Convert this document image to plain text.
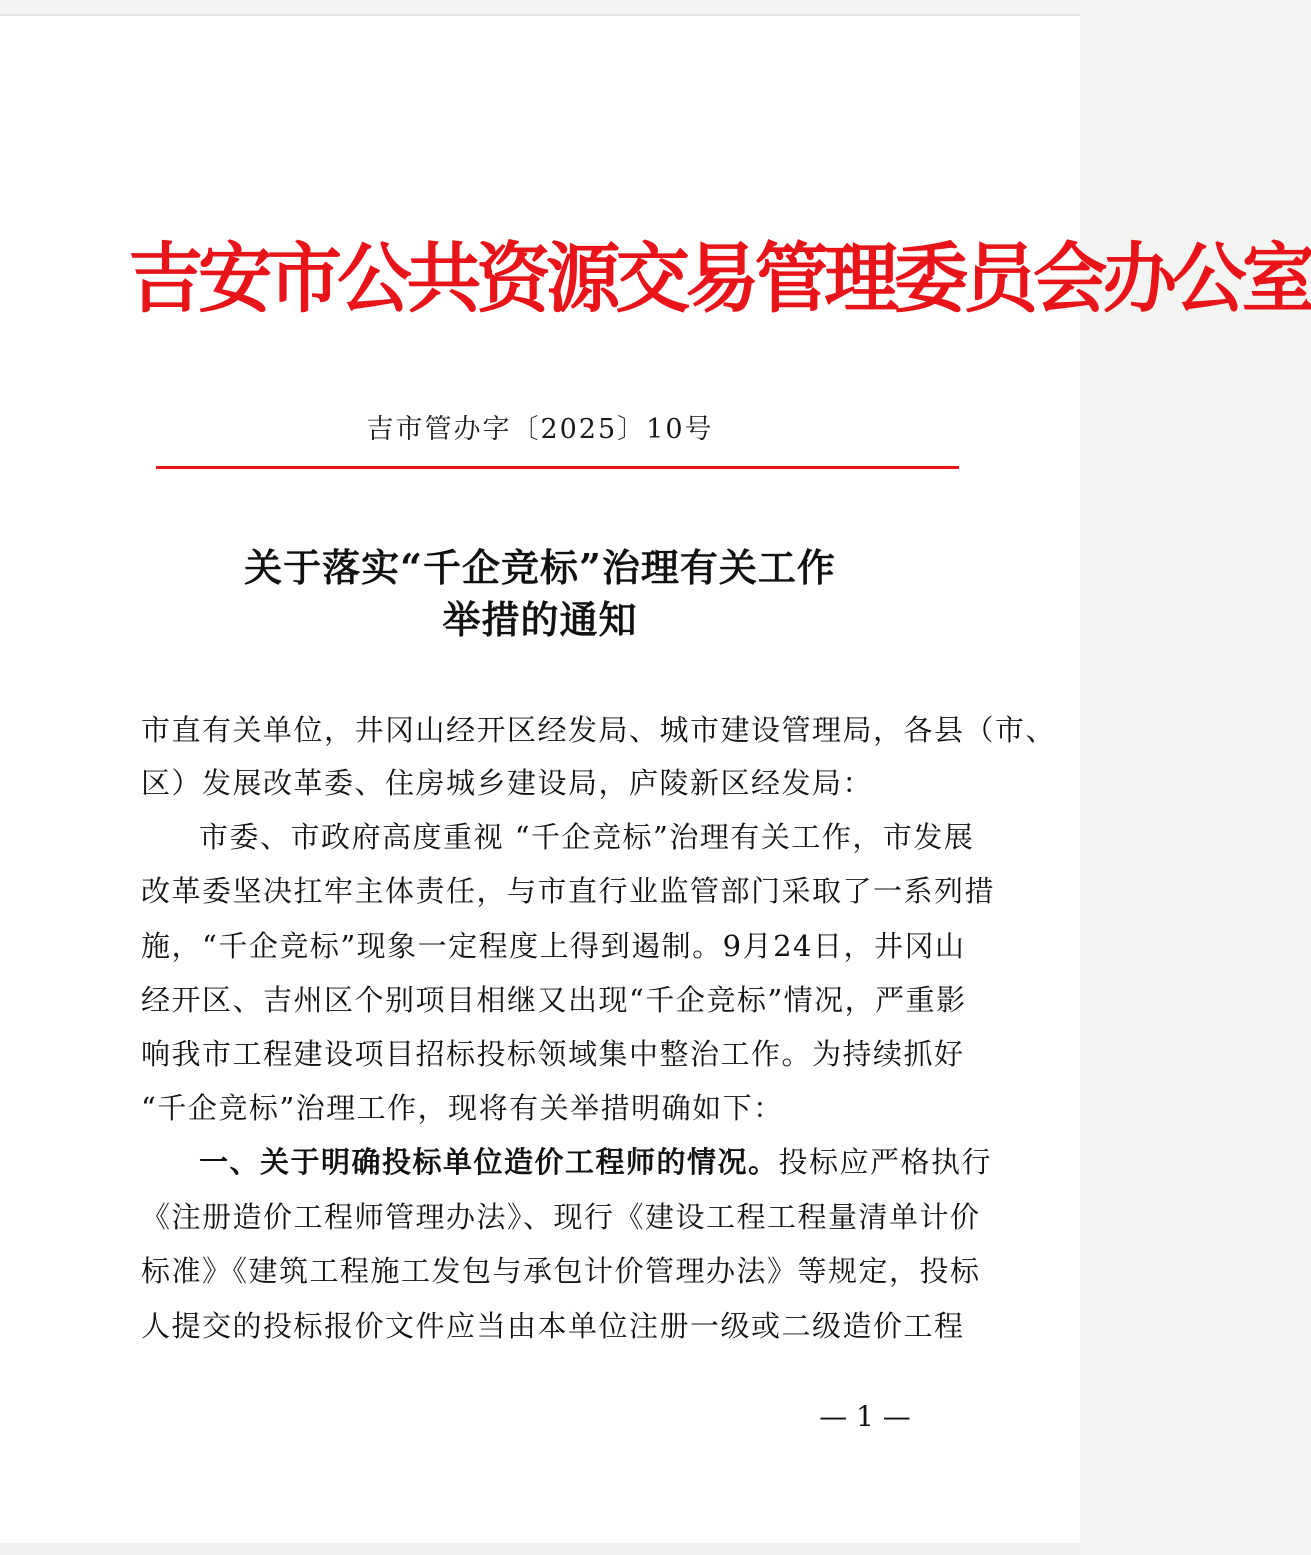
吉安市公共资源交易管理委员会办公室
吉市管办字〔2025〕10号
关于落实“千企竞标”治理有关工作
举措的通知
市直有关单位，井冈山经开区经发局、城市建设管理局，各县（市、
区）发展改革委、住房城乡建设局，庐陵新区经发局：
市委、市政府高度重视 “千企竞标”治理有关工作，市发展
改革委坚决扛牢主体责任，与市直行业监管部门采取了一系列措
施，“千企竞标”现象一定程度上得到遏制。9月24日，井冈山
经开区、吉州区个别项目相继又出现“千企竞标”情况，严重影
响我市工程建设项目招标投标领域集中整治工作。为持续抓好
“千企竞标”治理工作，现将有关举措明确如下：
一、关于明确投标单位造价工程师的情况。投标应严格执行
《注册造价工程师管理办法》、现行《建设工程工程量清单计价
标准》《建筑工程施工发包与承包计价管理办法》等规定，投标
人提交的投标报价文件应当由本单位注册一级或二级造价工程
— 1 —
